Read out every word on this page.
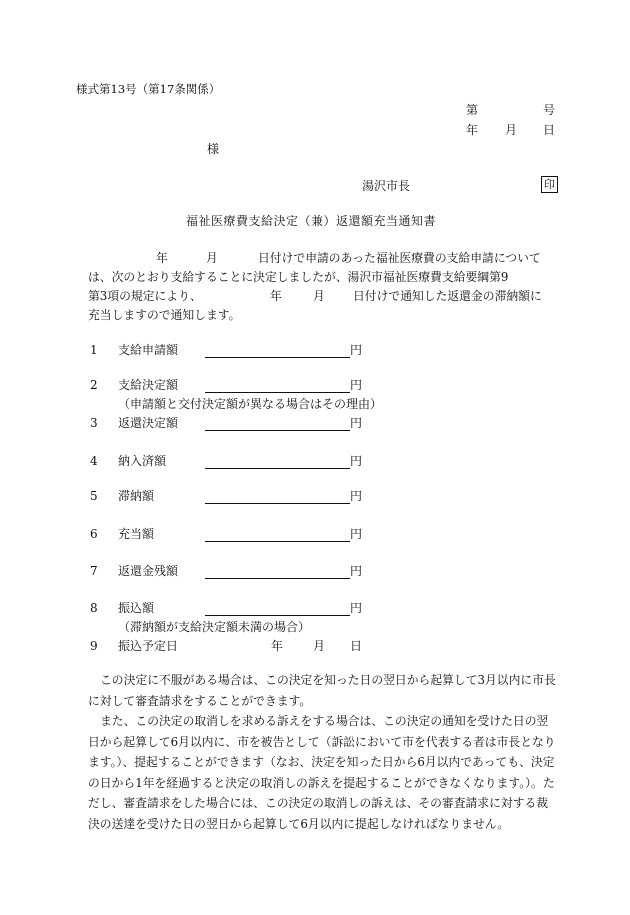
様式第13号（第17条関係）
第	号
年 月 日
様
湯沢市長	印
福祉医療費支給決定（兼）返還額充当通知書
年	月	日付けで申請のあった福祉医療費の支給申請について
は、次のとおり支給することに決定しましたが、湯沢市福祉医療費支給要綱第9
第3項の規定により、	年	月 日付けで通知した返還金の滞納額に
充当しますので通知します。
1 支給申請額	円
2 支給決定額	円
（申請額と交付決定額が異なる場合はその理由）
3 返還決定額	円
4 納入済額	円
5 滞納額	円
6 充当額	円
7 返還金残額	円
8 振込額	円
（滞納額が支給決定額未満の場合）
9 振込予定日	年 月 日

この決定に不服がある場合は、この決定を知った日の翌日から起算して3月以内に市長に対して審査請求をすることができます。

また、この決定の取消しを求める訴えをする場合は、この決定の通知を受けた日の翌日から起算して6月以内に、市を被告として（訴訟において市を代表する者は市長となります。）、提起することができます（なお、決定を知った日から6月以内であっても、決定の日から1年を経過すると決定の取消しの訴えを提起することができなくなります。）。ただし、審査請求をした場合には、この決定の取消しの訴えは、その審査請求に対する裁決の送達を受けた日の翌日から起算して6月以内に提起しなければなりません。
